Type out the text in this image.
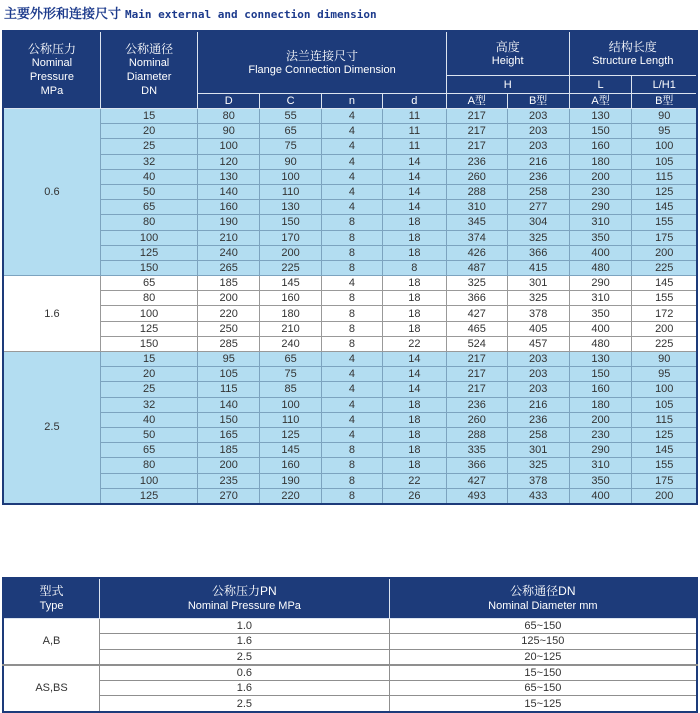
主要外形和连接尺寸 Main external and connection dimension
公称压力
Nominal
Pressure
MPa

公称通径
Nominal
Diameter
DN

法兰连接尺寸
Flange Connection Dimension

高度
Height

结构长度
Structure Length

						H		L	L/H1
		D	C	n	d	A型	B型	A型	B型
0.6	15	80	55	4	11	217	203	130	90
	20	90	65	4	11	217	203	150	95
	25	100	75	4	11	217	203	160	100
	32	120	90	4	14	236	216	180	105
	40	130	100	4	14	260	236	200	115
	50	140	110	4	14	288	258	230	125
	65	160	130	4	14	310	277	290	145
	80	190	150	8	18	345	304	310	155
	100	210	170	8	18	374	325	350	175
	125	240	200	8	18	426	366	400	200
	150	265	225	8	8	487	415	480	225
1.6	65	185	145	4	18	325	301	290	145
	80	200	160	8	18	366	325	310	155
	100	220	180	8	18	427	378	350	172
	125	250	210	8	18	465	405	400	200
	150	285	240	8	22	524	457	480	225
2.5	15	95	65	4	14	217	203	130	90
	20	105	75	4	14	217	203	150	95
	25	115	85	4	14	217	203	160	100
	32	140	100	4	18	236	216	180	105
	40	150	110	4	18	260	236	200	115
	50	165	125	4	18	288	258	230	125
	65	185	145	8	18	335	301	290	145
	80	200	160	8	18	366	325	310	155
	100	235	190	8	22	427	378	350	175
	125	270	220	8	26	493	433	400	200
型式
Type

公称压力PN
Nominal Pressure MPa

公称通径DN
Nominal Diameter mm

A,B	1.0	65~150
	1.6	125~150
	2.5	20~125
AS,BS	0.6	15~150
	1.6	65~150
	2.5	15~125
